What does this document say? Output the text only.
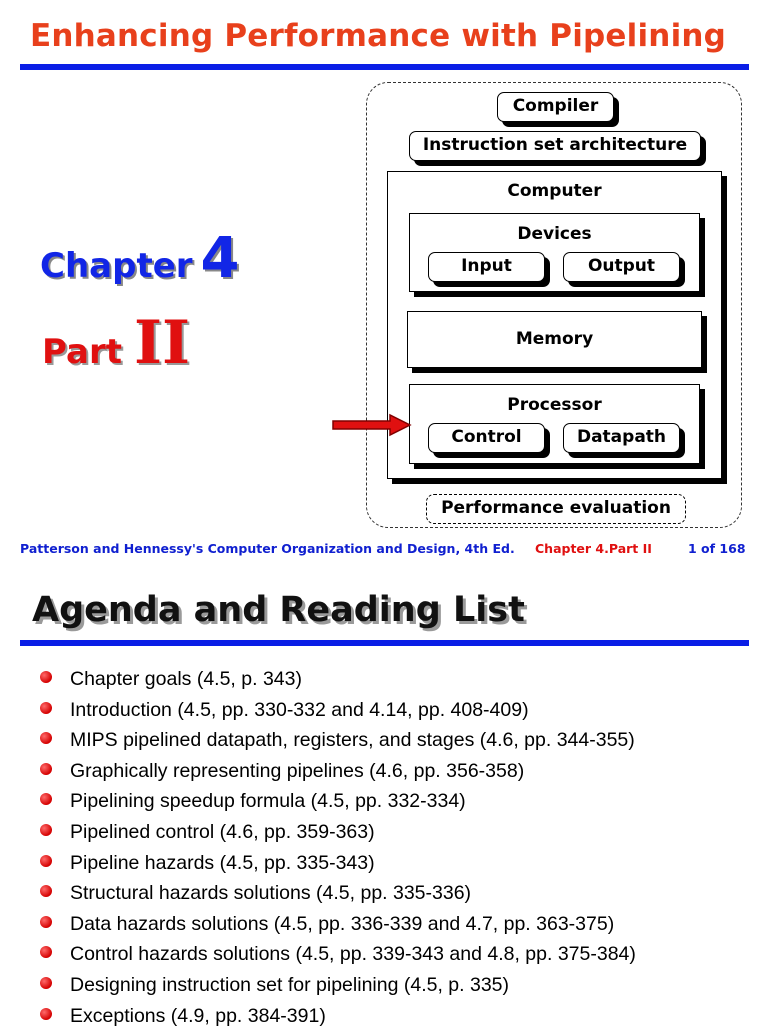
Enhancing Performance with Pipelining
Chapter 4
Part II
Compiler
Instruction set architecture
Computer
Devices
Input	Output
Memory
Processor
Control	Datapath
Performance evaluation
Patterson and Hennessy's Computer Organization and Design, 4th Ed. Chapter 4.Part II	1 of 168
Agenda and Reading List
Chapter goals (4.5, p. 343)
Introduction (4.5, pp. 330-332 and 4.14, pp. 408-409)
MIPS pipelined datapath, registers, and stages (4.6, pp. 344-355)
Graphically representing pipelines (4.6, pp. 356-358)
Pipelining speedup formula (4.5, pp. 332-334)
Pipelined control (4.6, pp. 359-363)
Pipeline hazards (4.5, pp. 335-343)
Structural hazards solutions (4.5, pp. 335-336)
Data hazards solutions (4.5, pp. 336-339 and 4.7, pp. 363-375)
Control hazards solutions (4.5, pp. 339-343 and 4.8, pp. 375-384)
Designing instruction set for pipelining (4.5, p. 335)
Exceptions (4.9, pp. 384-391)
